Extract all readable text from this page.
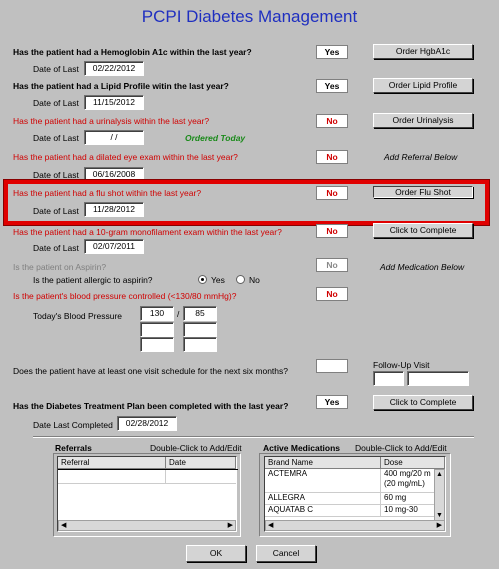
PCPI Diabetes Management
Has the patient had a Hemoglobin A1c within the last year?	Yes	Order HgbA1c
Date of Last	02/22/2012
Has the patient had a Lipid Profile witin the last year?	Yes	Order Lipid Profile
Date of Last	11/15/2012
Has the patient had a urinalysis within the last year?	No	Order Urinalysis
Date of Last	/ /	Ordered Today
Has the patient had a dilated eye exam within the last year?	No	Add Referral Below
Date of Last	06/16/2008
Has the patient had a flu shot within the last year?	No	Order Flu Shot
Date of Last	11/28/2012
Has the patient had a 10-gram monofilament exam within the last year?	No	Click to Complete
Date of Last	02/07/2011
Is the patient on Aspirin?	No	Add Medication Below
Is the patient allergic to aspirin?	Yes	No
Is the patient's blood pressure controlled (<130/80 mmHg)?	No
Today's Blood Pressure	130	/	85
Does the patient have at least one visit schedule for the next six months?
Follow-Up Visit
Has the Diabetes Treatment Plan been completed with the last year?	Yes	Click to Complete
Date Last Completed	02/28/2012
Referrals	Double-Click to Add/Edit
Referral	Date
◀	▶
Active Medications Double-Click to Add/Edit
Brand Name	Dose
ACTEMRA	400 mg/20 m
(20 mg/mL)
ALLEGRA	60 mg
AQUATAB C	10 mg-30
▲
▼
◀	▶
OK	Cancel
